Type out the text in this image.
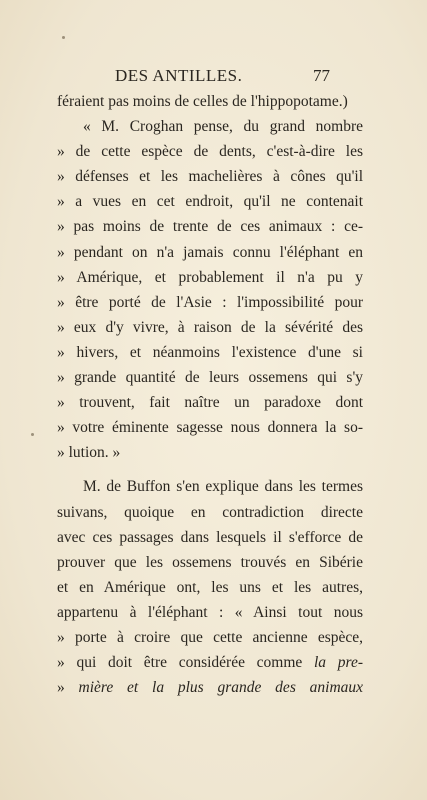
DES ANTILLES.	77
féraient pas moins de celles de l'hippopotame.)
« M. Croghan pense, du grand nombre
» de cette espèce de dents, c'est-à-dire les
» défenses et les machelières à cônes qu'il
» a vues en cet endroit, qu'il ne contenait
» pas moins de trente de ces animaux : ce-
» pendant on n'a jamais connu l'éléphant en
» Amérique, et probablement il n'a pu y
» être porté de l'Asie : l'impossibilité pour
» eux d'y vivre, à raison de la sévérité des
» hivers, et néanmoins l'existence d'une si
» grande quantité de leurs ossemens qui s'y
» trouvent, fait naître un paradoxe dont
» votre éminente sagesse nous donnera la so-
» lution. »
M. de Buffon s'en explique dans les termes
suivans, quoique en contradiction directe
avec ces passages dans lesquels il s'efforce de
prouver que les ossemens trouvés en Sibérie
et en Amérique ont, les uns et les autres,
appartenu à l'éléphant : « Ainsi tout nous
» porte à croire que cette ancienne espèce,
» qui doit être considérée comme la pre-
» mière et la plus grande des animaux
